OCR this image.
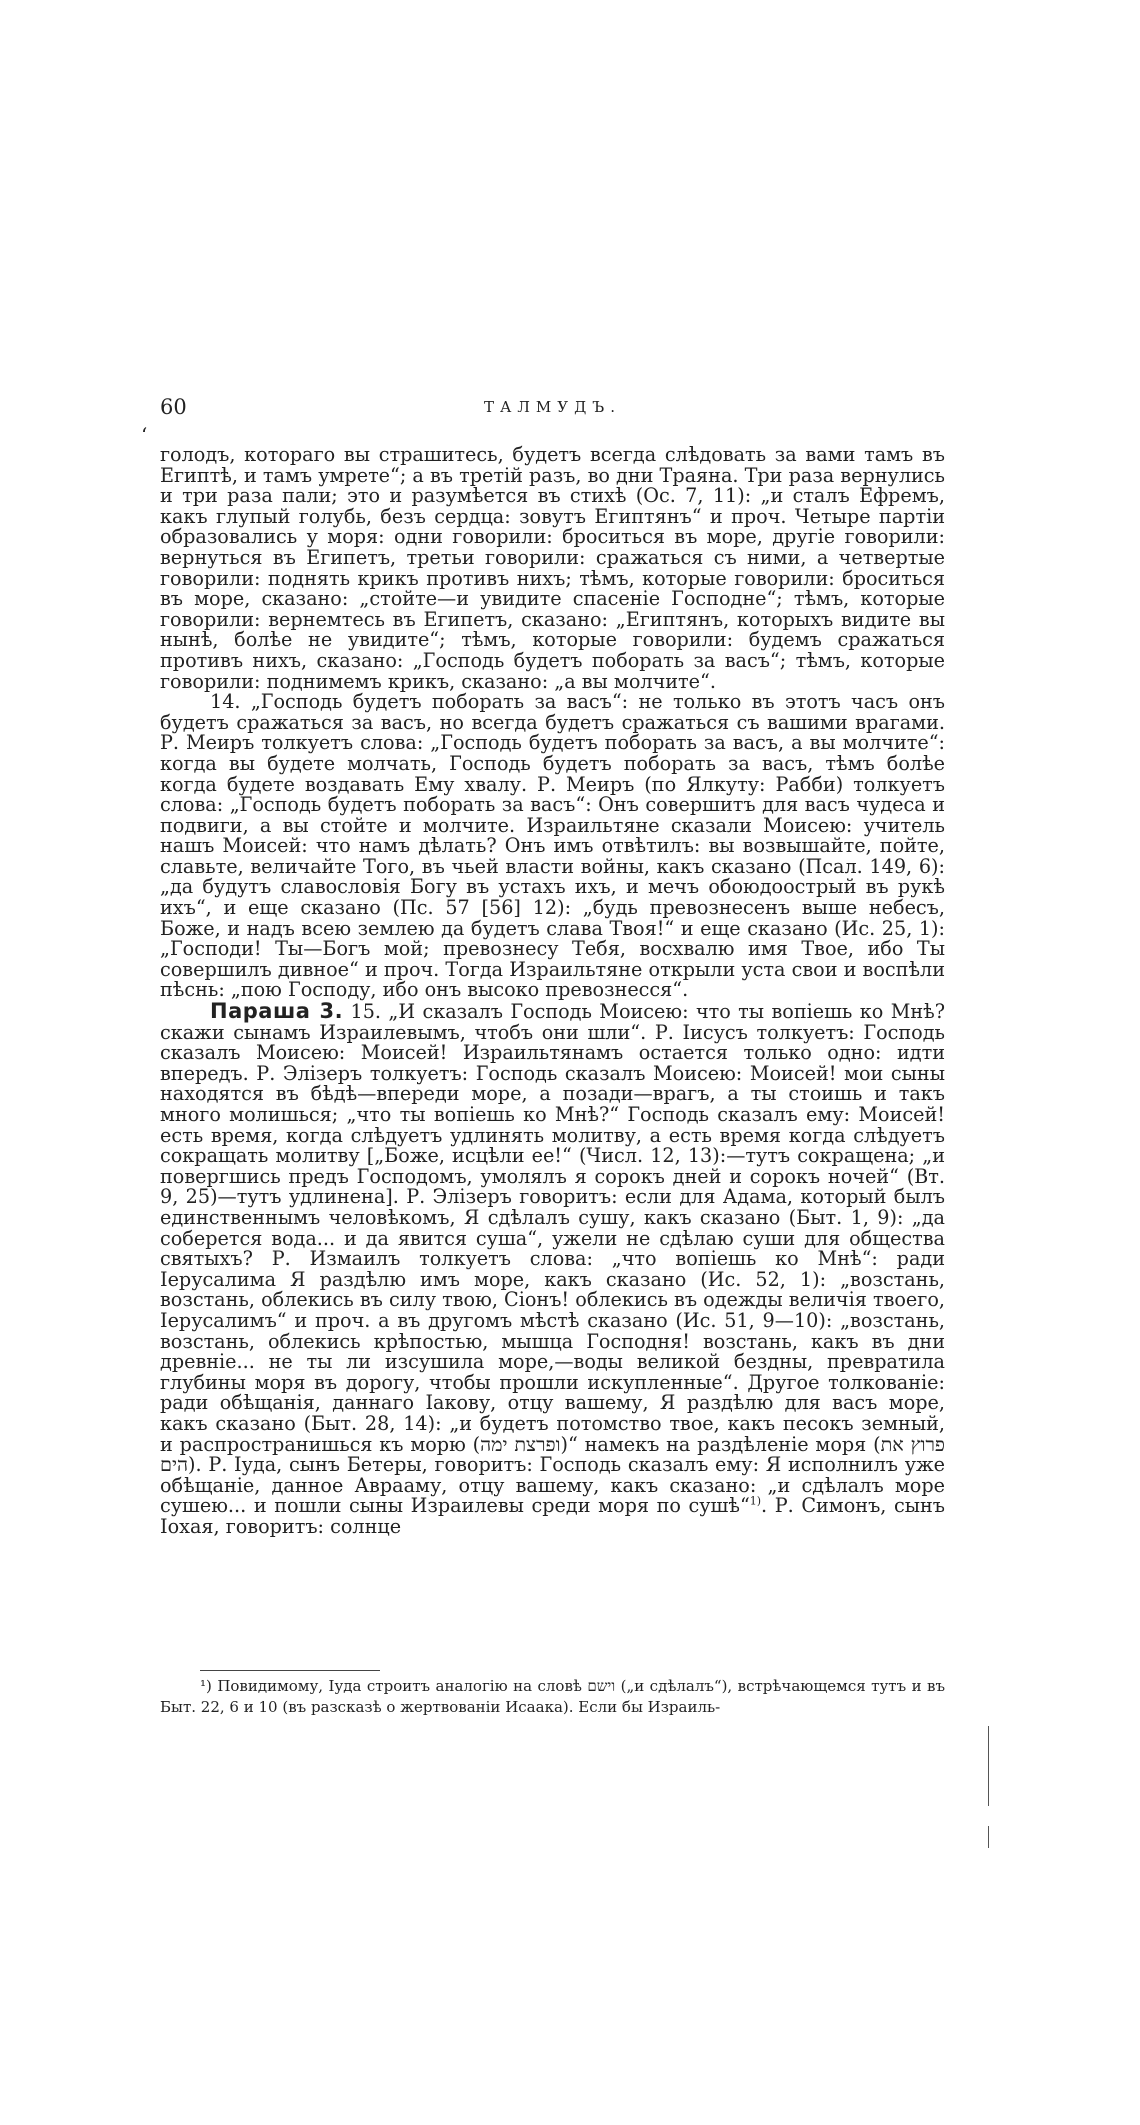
60	ТАЛМУДЪ.
ʻ

голодъ, котораго вы страшитесь, будетъ всегда слѣдовать за вами тамъ въ Египтѣ, и тамъ умрете“; а въ третій разъ, во дни Траяна. Три раза вернулись и три раза пали; это и разумѣется въ стихѣ (Ос. 7, 11): „и сталъ Ефремъ, какъ глупый голубь, безъ сердца: зовутъ Египтянъ“ и проч. Четыре партіи образовались у моря: одни говорили: броситься въ море, другіе говорили: вернуться въ Египетъ, третьи говорили: сражаться съ ними, а четвертые говорили: поднять крикъ противъ нихъ; тѣмъ, которые говорили: броситься въ море, сказано: „стойте—и увидите спасеніе Господне“; тѣмъ, которые говорили: вернемтесь въ Египетъ, сказано: „Египтянъ, которыхъ видите вы нынѣ, болѣе не увидите“; тѣмъ, которые говорили: будемъ сражаться противъ нихъ, сказано: „Господь будетъ поборать за васъ“; тѣмъ, которые говорили: поднимемъ крикъ, сказано: „а вы молчите“.

14. „Господь будетъ поборать за васъ“: не только въ этотъ часъ онъ будетъ сражаться за васъ, но всегда будетъ сражаться съ вашими врагами. Р. Меиръ толкуетъ слова: „Господь будетъ поборать за васъ, а вы молчите“: когда вы будете молчать, Господь будетъ поборать за васъ, тѣмъ болѣе когда будете воздавать Ему хвалу. Р. Меиръ (по Ялкуту: Рабби) толкуетъ слова: „Господь будетъ поборать за васъ“: Онъ совершитъ для васъ чудеса и подвиги, а вы стойте и молчите. Израильтяне сказали Моисею: учитель нашъ Моисей: что намъ дѣлать? Онъ имъ отвѣтилъ: вы возвышайте, пойте, славьте, величайте Того, въ чьей власти войны, какъ сказано (Псал. 149, 6): „да будутъ славословія Богу въ устахъ ихъ, и мечъ обоюдоострый въ рукѣ ихъ“, и еще сказано (Пс. 57 [56] 12): „будь превознесенъ выше небесъ, Боже, и надъ всею землею да будетъ слава Твоя!“ и еще сказано (Ис. 25, 1): „Господи! Ты—Богъ мой; превознесу Тебя, восхвалю имя Твое, ибо Ты совершилъ дивное“ и проч. Тогда Израильтяне открыли уста свои и воспѣли пѣснь: „пою Господу, ибо онъ высоко превознесся“.

Параша 3. 15. „И сказалъ Господь Моисею: что ты вопіешь ко Мнѣ? скажи сынамъ Израилевымъ, чтобъ они шли“. Р. Іисусъ толкуетъ: Господь сказалъ Моисею: Моисей! Израильтянамъ остается только одно: идти впередъ. Р. Элізеръ толкуетъ: Господь сказалъ Моисею: Моисей! мои сыны находятся въ бѣдѣ—впереди море, а позади—врагъ, а ты стоишь и такъ много молишься; „что ты вопіешь ко Мнѣ?“ Господь сказалъ ему: Моисей! есть время, когда слѣдуетъ удлинять молитву, а есть время когда слѣдуетъ сокращать молитву [„Боже, исцѣли ее!“ (Числ. 12, 13):—тутъ сокращена; „и повергшись предъ Господомъ, умолялъ я сорокъ дней и сорокъ ночей“ (Вт. 9, 25)—тутъ удлинена]. Р. Элізеръ говоритъ: если для Адама, который былъ единственнымъ человѣкомъ, Я сдѣлалъ сушу, какъ сказано (Быт. 1, 9): „да соберется вода... и да явится суша“, ужели не сдѣлаю суши для общества святыхъ? Р. Измаилъ толкуетъ слова: „что вопіешь ко Мнѣ“: ради Іерусалима Я раздѣлю имъ море, какъ сказано (Ис. 52, 1): „возстань, возстань, облекись въ силу твою, Сіонъ! облекись въ одежды величія твоего, Іерусалимъ“ и проч. а въ другомъ мѣстѣ сказано (Ис. 51, 9—10): „возстань, возстань, облекись крѣпостью, мышца Господня! возстань, какъ въ дни древніе... не ты ли изсушила море,—воды великой бездны, превратила глубины моря въ дорогу, чтобы прошли искупленные“. Другое толкованіе: ради обѣщанія, даннаго Іакову, отцу вашему, Я раздѣлю для васъ море, какъ сказано (Быт. 28, 14): „и будетъ потомство твое, какъ песокъ земный, и распространишься къ морю (ופרצת ימה)“ намекъ на раздѣленіе моря (פרוץ את הים). Р. Іуда, сынъ Бетеры, говоритъ: Господь сказалъ ему: Я исполнилъ уже обѣщаніе, данное Аврааму, отцу вашему, какъ сказано: „и сдѣлалъ море сушею... и пошли сыны Израилевы среди моря по сушѣ“$^{1)}$. Р. Симонъ, сынъ Іохая, говоритъ: солнце

¹) Повидимому, Іуда строитъ аналогію на словѣ וישם („и сдѣлалъ“), встрѣчающемся тутъ и въ Быт. 22, 6 и 10 (въ разсказѣ о жертвованіи Исаака). Если бы Израиль-
